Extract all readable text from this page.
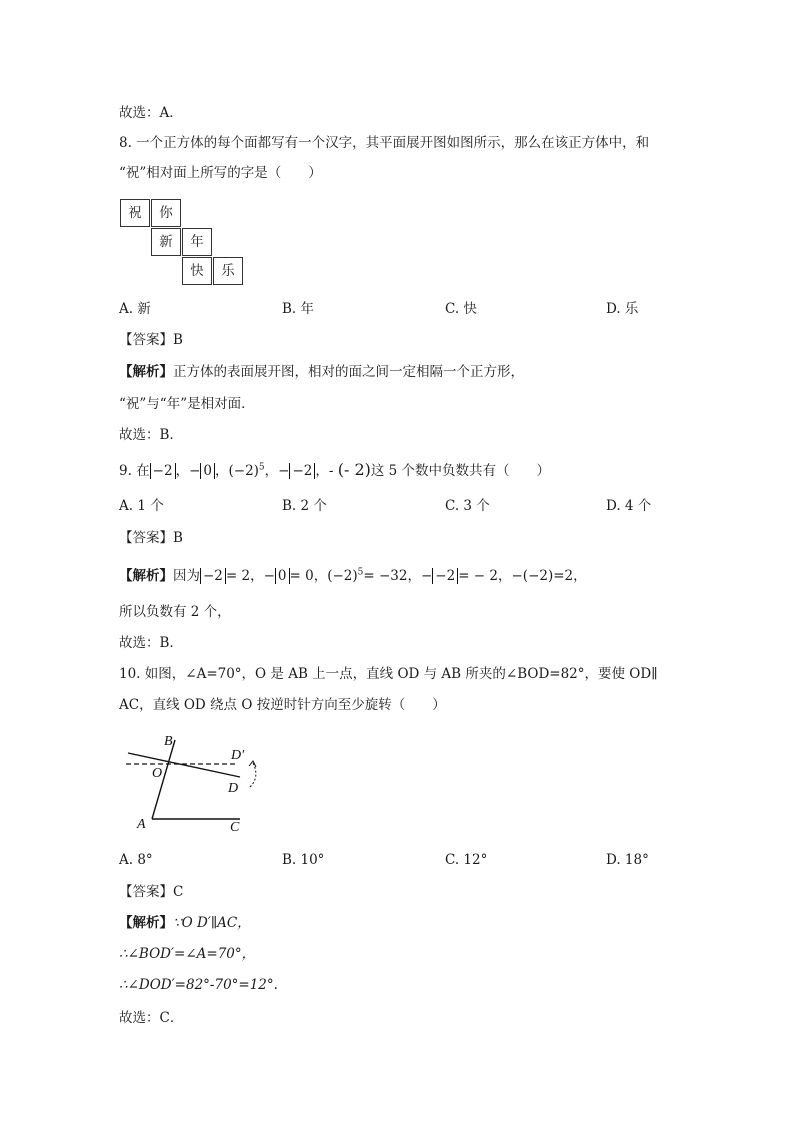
故选：A．
8. 一个正方体的每个面都写有一个汉字，其平面展开图如图所示，那么在该正方体中，和
“祝”相对面上所写的字是（　　）
祝	你
新	年
快	乐
A. 新	B. 年	C. 快	D. 乐
【答案】B
【解析】正方体的表面展开图，相对的面之间一定相隔一个正方形，
“祝”与“年”是相对面．
故选：B．
9. 在 −2 ，− 0 ，$(-2)^5$，− −2 ，- (- 2)这 5 个数中负数共有（　　）
A. 1 个	B. 2 个	C. 3 个	D. 4 个
【答案】B
【解析】因为 −2 = 2，− 0 = 0，$(-2)^5= -32$，− −2 = − 2，−(−2)=2，
所以负数有 2 个，
故选：B．
10. 如图，∠A=70°，O 是 AB 上一点，直线 OD 与 AB 所夹的∠BOD=82°，要使 OD∥
AC，直线 OD 绕点 O 按逆时针方向至少旋转（　　）
B
D′
O
D
A	C
A. 8°	B. 10°	C. 12°	D. 18°
【答案】C
【解析】∵O D′∥AC，
∴∠BOD′=∠A=70°，
∴∠DOD′=82°-70°=12°.
故选：C．
